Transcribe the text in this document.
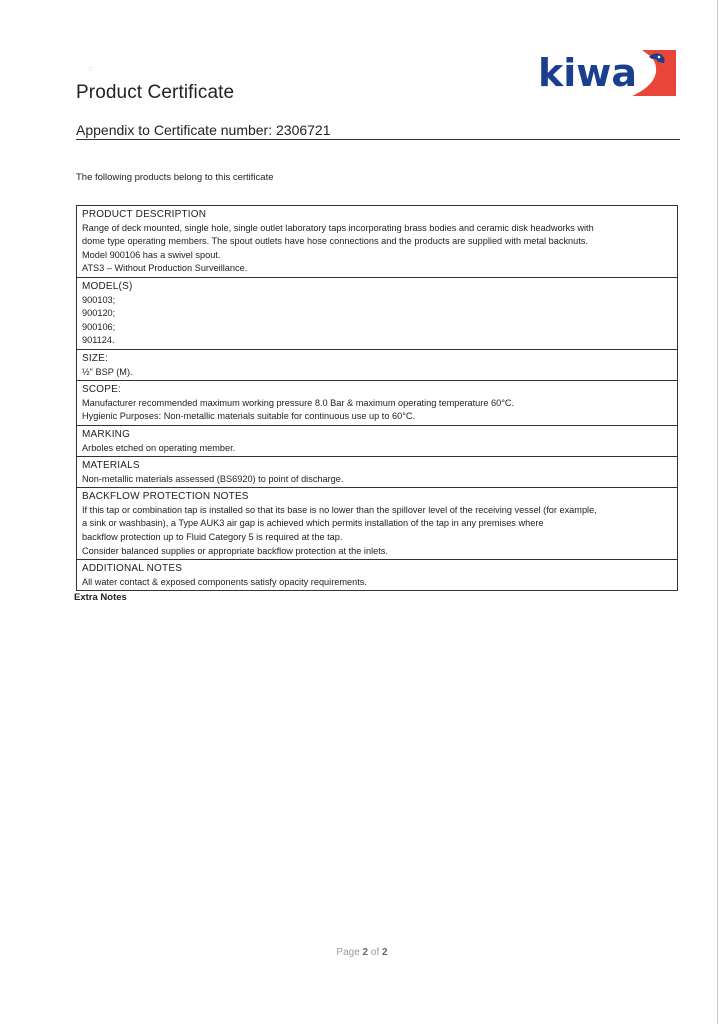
·:
Product Certificate	kiwa
Appendix to Certificate number: 2306721
The following products belong to this certificate
PRODUCT DESCRIPTION
Range of deck mounted, single hole, single outlet laboratory taps incorporating brass bodies and ceramic disk headworks with
dome type operating members. The spout outlets have hose connections and the products are supplied with metal backnuts.
Model 900106 has a swivel spout.
ATS3 – Without Production Surveillance.
MODEL(S)
900103;
900120;
900106;
901124.
SIZE:
½" BSP (M).
SCOPE:
Manufacturer recommended maximum working pressure 8.0 Bar & maximum operating temperature 60°C.
Hygienic Purposes: Non-metallic materials suitable for continuous use up to 60°C.
MARKING
Arboles etched on operating member.
MATERIALS
Non-metallic materials assessed (BS6920) to point of discharge.
BACKFLOW PROTECTION NOTES
If this tap or combination tap is installed so that its base is no lower than the spillover level of the receiving vessel (for example,
a sink or washbasin), a Type AUK3 air gap is achieved which permits installation of the tap in any premises where
backflow protection up to Fluid Category 5 is required at the tap.
Consider balanced supplies or appropriate backflow protection at the inlets.
ADDITIONAL NOTES
All water contact & exposed components satisfy opacity requirements.
Extra Notes
Page 2 of 2
